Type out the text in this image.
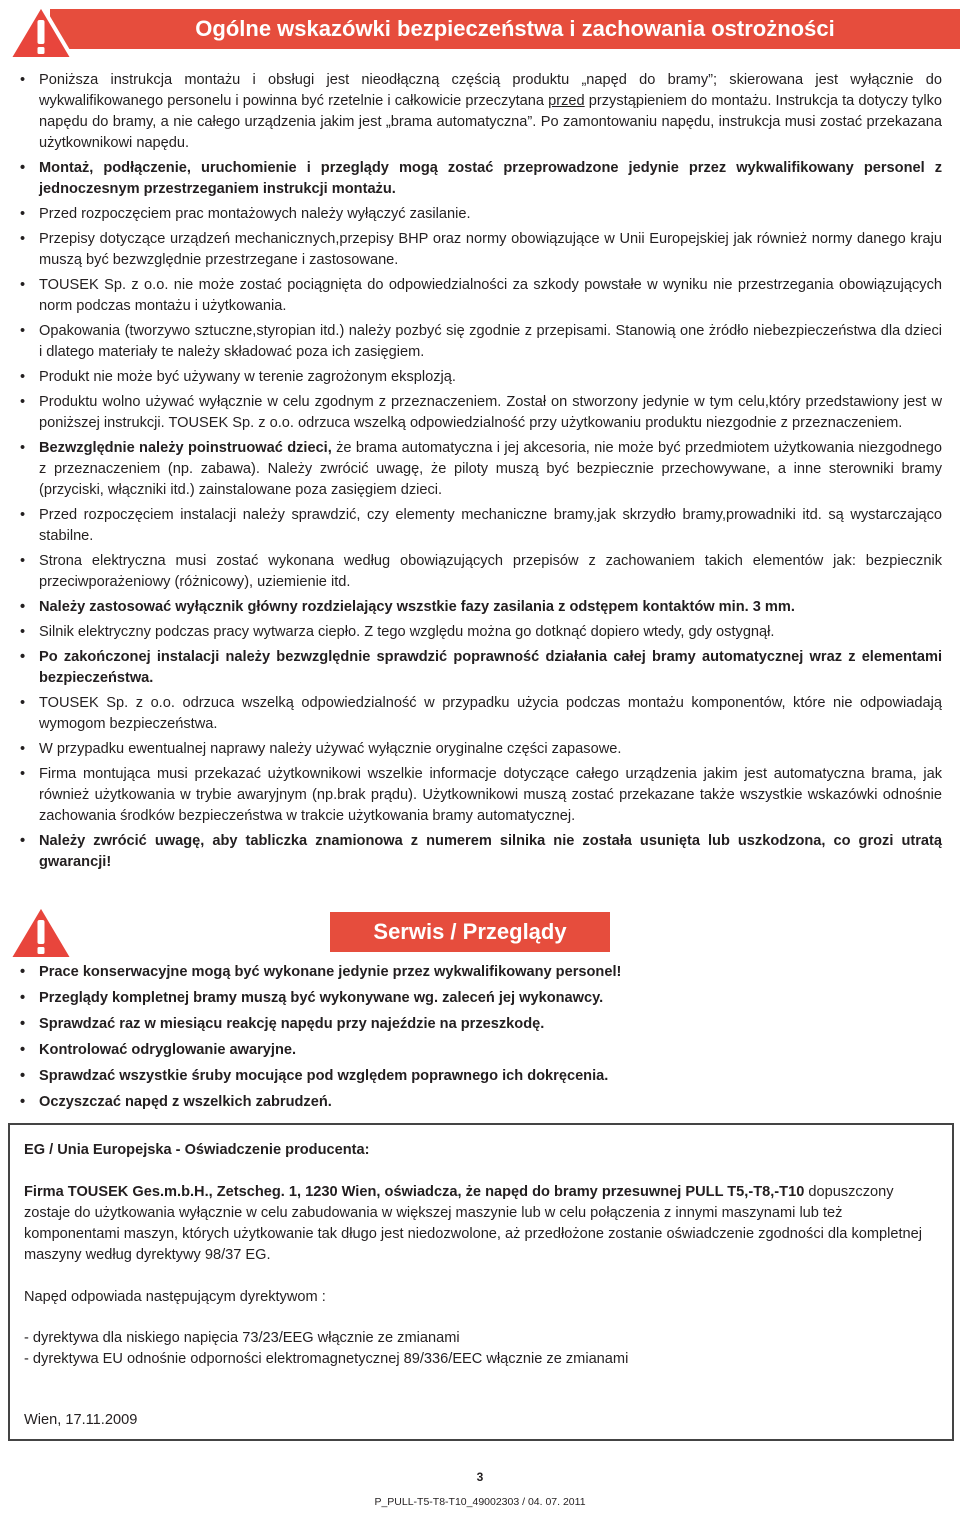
Ogólne wskazówki bezpieczeństwa i zachowania ostrożności
• Poniższa instrukcja montażu i obsługi jest nieodłączną częścią produktu „napęd do bramy”; skierowana jest wyłącznie do wykwalifikowanego personelu i powinna być rzetelnie i całkowicie przeczytana przed przystąpieniem do montażu. Instrukcja ta dotyczy tylko napędu do bramy, a nie całego urządzenia jakim jest „brama automatyczna”. Po zamontowaniu napędu, instrukcja musi zostać przekazana użytkownikowi napędu.
• Montaż, podłączenie, uruchomienie i przeglądy mogą zostać przeprowadzone jedynie przez wykwalifikowany personel z jednoczesnym przestrzeganiem instrukcji montażu.
• Przed rozpoczęciem prac montażowych należy wyłączyć zasilanie.
• Przepisy dotyczące urządzeń mechanicznych,przepisy BHP oraz normy obowiązujące w Unii Europejskiej jak również normy danego kraju muszą być bezwzględnie przestrzegane i zastosowane.
• TOUSEK Sp. z o.o. nie może zostać pociągnięta do odpowiedzialności za szkody powstałe w wyniku nie przestrzegania obowiązujących norm podczas montażu i użytkowania.
• Opakowania (tworzywo sztuczne,styropian itd.) należy pozbyć się zgodnie z przepisami. Stanowią one żródło niebezpieczeństwa dla dzieci i dlatego materiały te należy składować poza ich zasięgiem.
• Produkt nie może być używany w terenie zagrożonym eksplozją.
• Produktu wolno używać wyłącznie w celu zgodnym z przeznaczeniem. Został on stworzony jedynie w tym celu,który przedstawiony jest w poniższej instrukcji. TOUSEK Sp. z o.o. odrzuca wszelką odpowiedzialność przy użytkowaniu produktu niezgodnie z przeznaczeniem.
• Bezwzględnie należy poinstruować dzieci, że brama automatyczna i jej akcesoria, nie może być przedmiotem użytkowania niezgodnego z przeznaczeniem (np. zabawa). Należy zwrócić uwagę, że piloty muszą być bezpiecznie przechowywane, a inne sterowniki bramy (przyciski, włączniki itd.) zainstalowane poza zasięgiem dzieci.
• Przed rozpoczęciem instalacji należy sprawdzić, czy elementy mechaniczne bramy,jak skrzydło bramy,prowadniki itd. są wystarczająco stabilne.
• Strona elektryczna musi zostać wykonana według obowiązujących przepisów z zachowaniem takich elementów jak: bezpiecznik przeciwporażeniowy (różnicowy), uziemienie itd.
• Należy zastosować wyłącznik główny rozdzielający wszstkie fazy zasilania z odstępem kontaktów min. 3 mm.
• Silnik elektryczny podczas pracy wytwarza ciepło. Z tego względu można go dotknąć dopiero wtedy, gdy ostygnął.
• Po zakończonej instalacji należy bezwzględnie sprawdzić poprawność działania całej bramy automatycznej wraz z elementami bezpieczeństwa.
• TOUSEK Sp. z o.o. odrzuca wszelką odpowiedzialność w przypadku użycia podczas montażu komponentów, które nie odpowiadają wymogom bezpieczeństwa.
• W przypadku ewentualnej naprawy należy używać wyłącznie oryginalne części zapasowe.
• Firma montująca musi przekazać użytkownikowi wszelkie informacje dotyczące całego urządzenia jakim jest automatyczna brama, jak również użytkowania w trybie awaryjnym (np.brak prądu). Użytkownikowi muszą zostać przekazane także wszystkie wskazówki odnośnie zachowania środków bezpieczeństwa w trakcie użytkowania bramy automatycznej.
• Należy zwrócić uwagę, aby tabliczka znamionowa z numerem silnika nie została usunięta lub uszkodzona, co grozi utratą gwarancji!
Serwis / Przeglądy
• Prace konserwacyjne mogą być wykonane jedynie przez wykwalifikowany personel!
• Przeglądy kompletnej bramy muszą być wykonywane wg. zaleceń jej wykonawcy.
• Sprawdzać raz w miesiącu reakcję napędu przy najeździe na przeszkodę.
• Kontrolować odryglowanie awaryjne.
• Sprawdzać wszystkie śruby mocujące pod względem poprawnego ich dokręcenia.
• Oczyszczać napęd z wszelkich zabrudzeń.

EG / Unia Europejska - Oświadczenie producenta:

Firma TOUSEK Ges.m.b.H., Zetscheg. 1, 1230 Wien, oświadcza, że napęd do bramy przesuwnej PULL T5,-T8,-T10 dopuszczony zostaje do użytkowania wyłącznie w celu zabudowania w większej maszynie lub w celu połączenia z innymi maszynami lub też komponentami maszyn, których użytkowanie tak długo jest niedozwolone, aż przedłożone zostanie oświadczenie zgodności dla kompletnej maszyny według dyrektywy 98/37 EG.

Napęd odpowiada następującym dyrektywom :

- dyrektywa dla niskiego napięcia 73/23/EEG włącznie ze zmianami

- dyrektywa EU odnośnie odporności elektromagnetycznej 89/336/EEC włącznie ze zmianami

Wien, 17.11.2009

3
P_PULL-T5-T8-T10_49002303 / 04. 07. 2011
